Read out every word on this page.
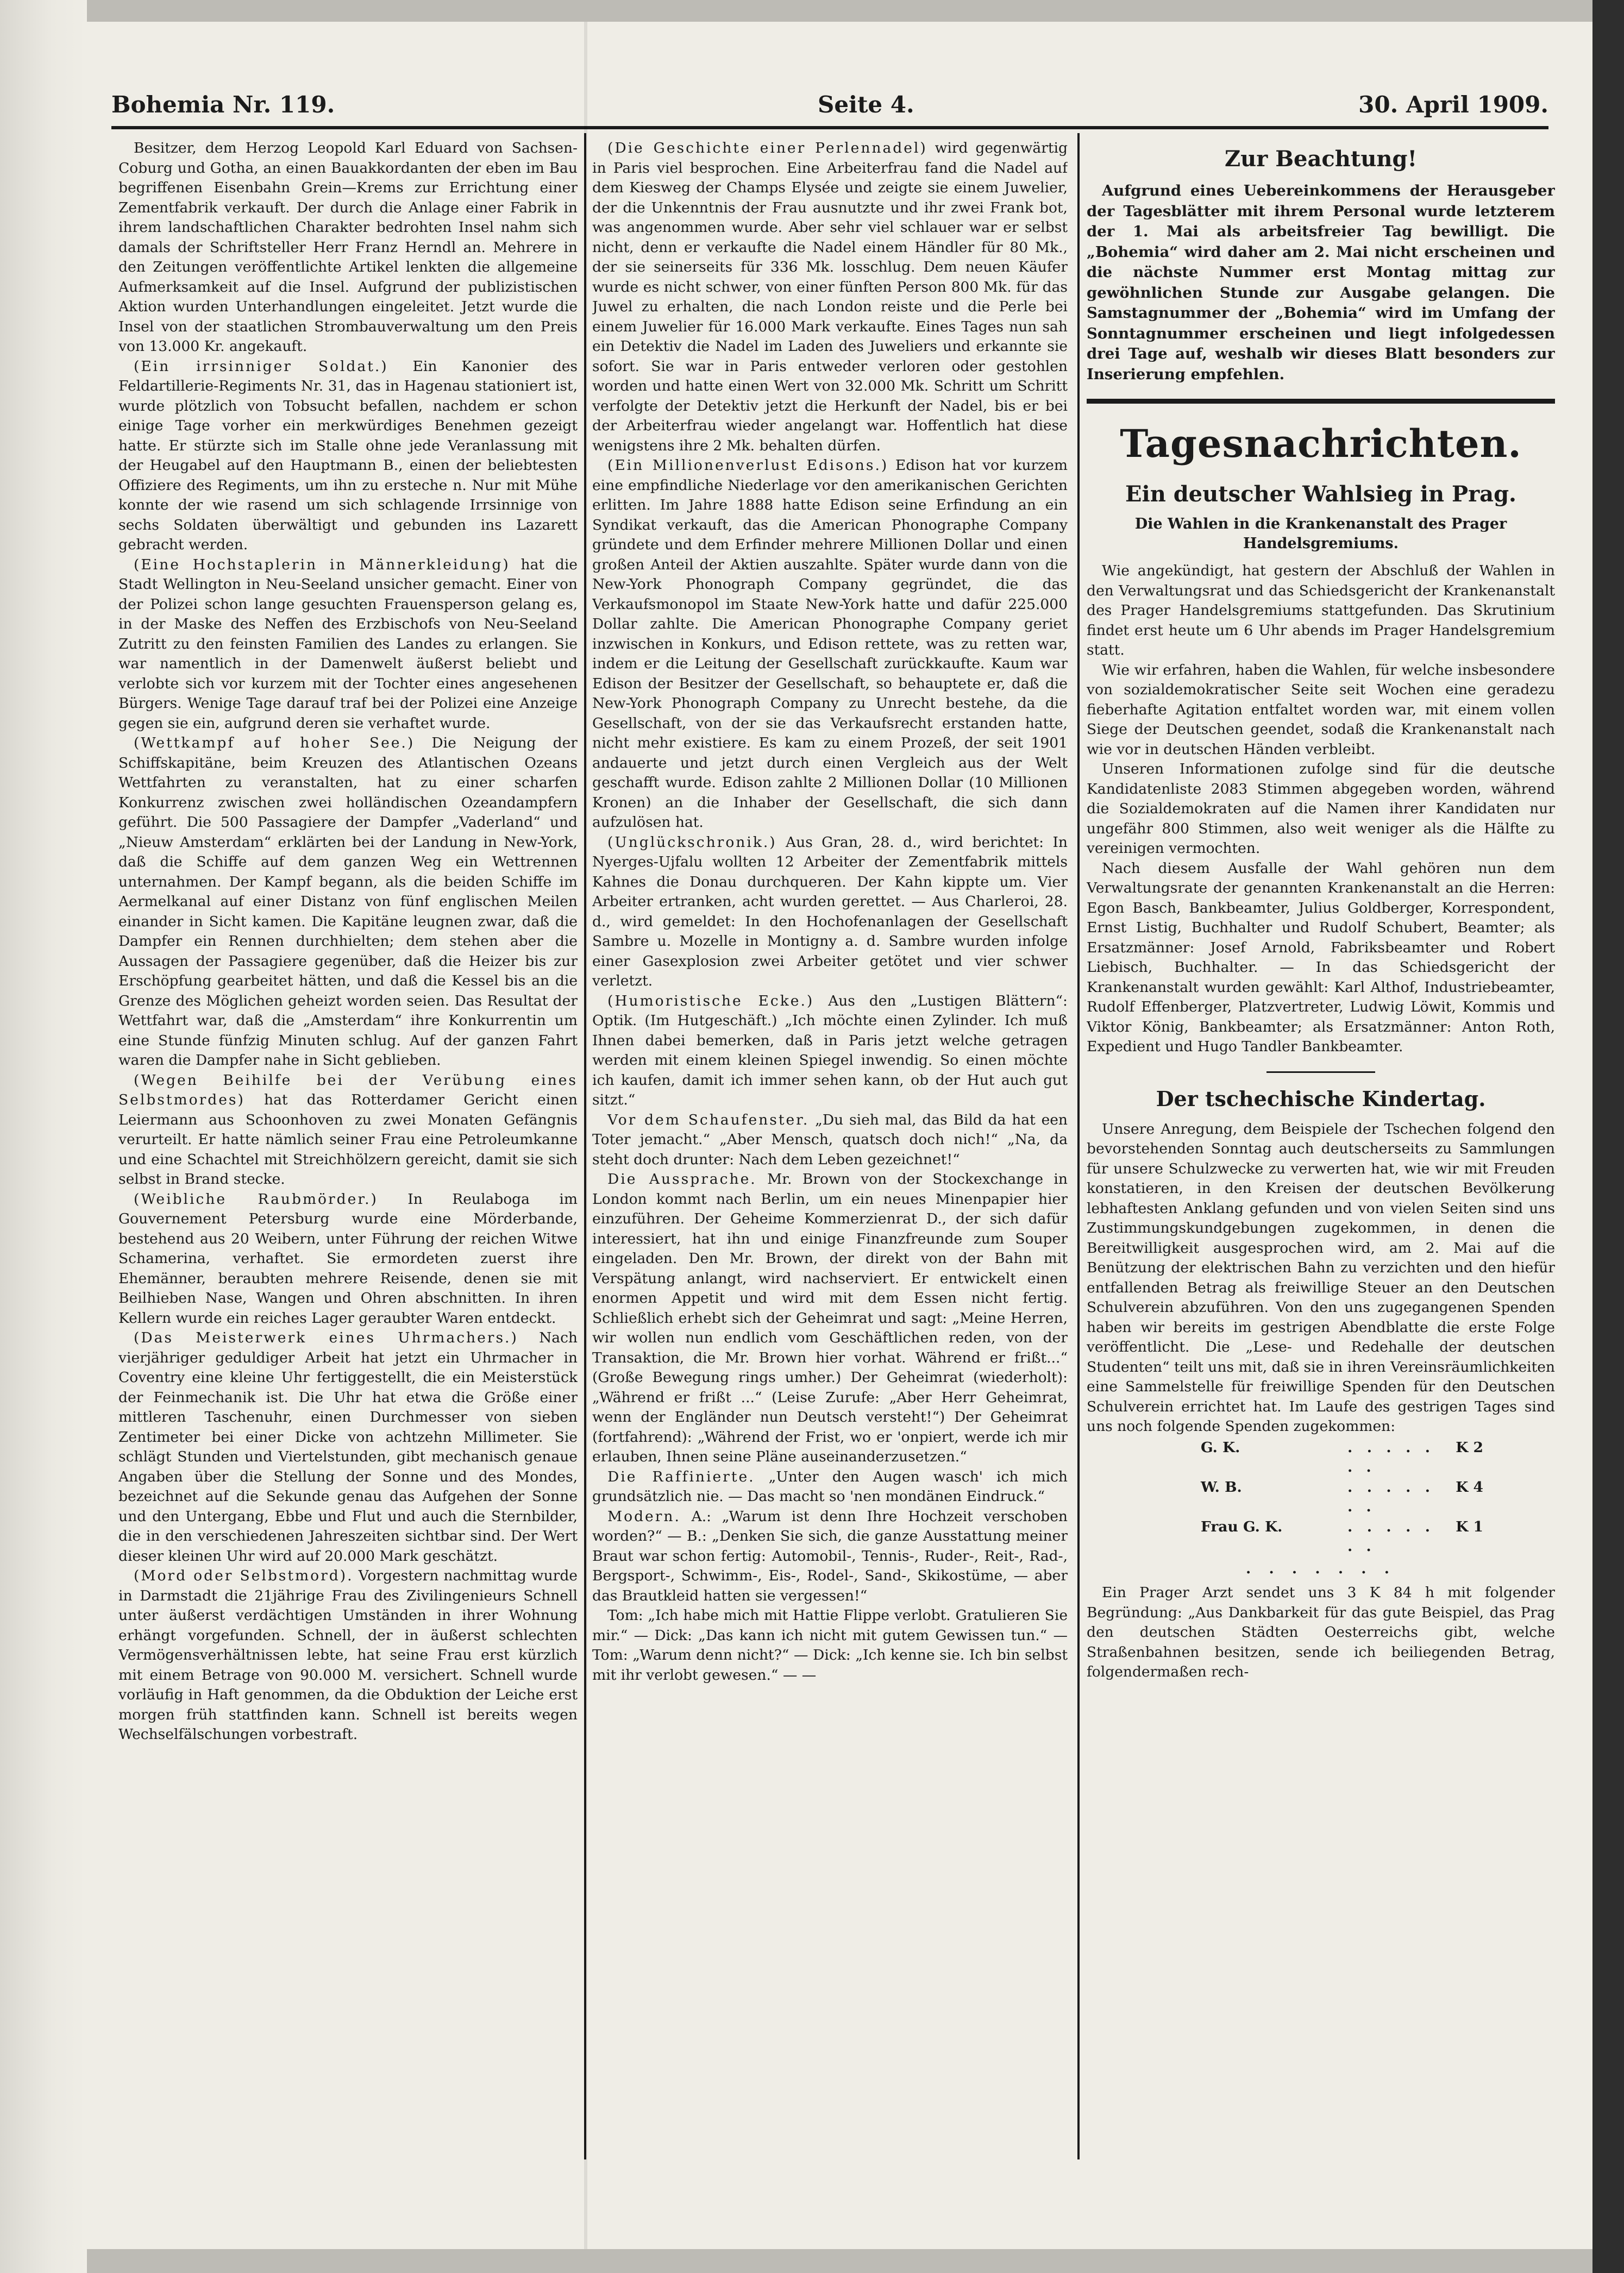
Bohemia Nr. 119.	Seite 4.	30. April 1909.

Besitzer, dem Herzog Leopold Karl Eduard von Sachsen-Coburg und Gotha, an einen Bauakkordanten der eben im Bau begriffenen Eisenbahn Grein—Krems zur Errichtung einer Zementfabrik verkauft. Der durch die Anlage einer Fabrik in ihrem landschaftlichen Charakter bedrohten Insel nahm sich damals der Schriftsteller Herr Franz Herndl an. Mehrere in den Zeitungen veröffentlichte Artikel lenkten die allgemeine Aufmerksamkeit auf die Insel. Aufgrund der publizistischen Aktion wurden Unterhandlungen eingeleitet. Jetzt wurde die Insel von der staatlichen Strombauverwaltung um den Preis von 13.000 Kr. angekauft.

(Ein irrsinniger Soldat.) Ein Kanonier des Feldartillerie-Regiments Nr. 31, das in Hagenau stationiert ist, wurde plötzlich von Tobsucht befallen, nachdem er schon einige Tage vorher ein merkwürdiges Benehmen gezeigt hatte. Er stürzte sich im Stalle ohne jede Veranlassung mit der Heugabel auf den Hauptmann B., einen der beliebtesten Offiziere des Regiments, um ihn zu ersteche n. Nur mit Mühe konnte der wie rasend um sich schlagende Irrsinnige von sechs Soldaten überwältigt und gebunden ins Lazarett gebracht werden.

(Eine Hochstaplerin in Männerkleidung) hat die Stadt Wellington in Neu-Seeland unsicher gemacht. Einer von der Polizei schon lange gesuchten Frauensperson gelang es, in der Maske des Neffen des Erzbischofs von Neu-Seeland Zutritt zu den feinsten Familien des Landes zu erlangen. Sie war namentlich in der Damenwelt äußerst beliebt und verlobte sich vor kurzem mit der Tochter eines angesehenen Bürgers. Wenige Tage darauf traf bei der Polizei eine Anzeige gegen sie ein, aufgrund deren sie verhaftet wurde.

(Wettkampf auf hoher See.) Die Neigung der Schiffskapitäne, beim Kreuzen des Atlantischen Ozeans Wettfahrten zu veranstalten, hat zu einer scharfen Konkurrenz zwischen zwei holländischen Ozeandampfern geführt. Die 500 Passagiere der Dampfer „Vaderland“ und „Nieuw Amsterdam“ erklärten bei der Landung in New-York, daß die Schiffe auf dem ganzen Weg ein Wettrennen unternahmen. Der Kampf begann, als die beiden Schiffe im Aermelkanal auf einer Distanz von fünf englischen Meilen einander in Sicht kamen. Die Kapitäne leugnen zwar, daß die Dampfer ein Rennen durchhielten; dem stehen aber die Aussagen der Passagiere gegenüber, daß die Heizer bis zur Erschöpfung gearbeitet hätten, und daß die Kessel bis an die Grenze des Möglichen geheizt worden seien. Das Resultat der Wettfahrt war, daß die „Amsterdam“ ihre Konkurrentin um eine Stunde fünfzig Minuten schlug. Auf der ganzen Fahrt waren die Dampfer nahe in Sicht geblieben.

(Wegen Beihilfe bei der Verübung eines Selbstmordes) hat das Rotterdamer Gericht einen Leiermann aus Schoonhoven zu zwei Monaten Gefängnis verurteilt. Er hatte nämlich seiner Frau eine Petroleumkanne und eine Schachtel mit Streichhölzern gereicht, damit sie sich selbst in Brand stecke.

(Weibliche Raubmörder.) In Reulaboga im Gouvernement Petersburg wurde eine Mörderbande, bestehend aus 20 Weibern, unter Führung der reichen Witwe Schamerina, verhaftet. Sie ermordeten zuerst ihre Ehemänner, beraubten mehrere Reisende, denen sie mit Beilhieben Nase, Wangen und Ohren abschnitten. In ihren Kellern wurde ein reiches Lager geraubter Waren entdeckt.

(Das Meisterwerk eines Uhrmachers.) Nach vierjähriger geduldiger Arbeit hat jetzt ein Uhrmacher in Coventry eine kleine Uhr fertiggestellt, die ein Meisterstück der Feinmechanik ist. Die Uhr hat etwa die Größe einer mittleren Taschenuhr, einen Durchmesser von sieben Zentimeter bei einer Dicke von achtzehn Millimeter. Sie schlägt Stunden und Viertelstunden, gibt mechanisch genaue Angaben über die Stellung der Sonne und des Mondes, bezeichnet auf die Sekunde genau das Aufgehen der Sonne und den Untergang, Ebbe und Flut und auch die Sternbilder, die in den verschiedenen Jahreszeiten sichtbar sind. Der Wert dieser kleinen Uhr wird auf 20.000 Mark geschätzt.

(Mord oder Selbstmord). Vorgestern nachmittag wurde in Darmstadt die 21jährige Frau des Zivilingenieurs Schnell unter äußerst verdächtigen Umständen in ihrer Wohnung erhängt vorgefunden. Schnell, der in äußerst schlechten Vermögensverhältnissen lebte, hat seine Frau erst kürzlich mit einem Betrage von 90.000 M. versichert. Schnell wurde vorläufig in Haft genommen, da die Obduktion der Leiche erst morgen früh stattfinden kann. Schnell ist bereits wegen Wechselfälschungen vorbestraft.

(Die Geschichte einer Perlennadel) wird gegenwärtig in Paris viel besprochen. Eine Arbeiterfrau fand die Nadel auf dem Kiesweg der Champs Elysée und zeigte sie einem Juwelier, der die Unkenntnis der Frau ausnutzte und ihr zwei Frank bot, was angenommen wurde. Aber sehr viel schlauer war er selbst nicht, denn er verkaufte die Nadel einem Händler für 80 Mk., der sie seinerseits für 336 Mk. losschlug. Dem neuen Käufer wurde es nicht schwer, von einer fünften Person 800 Mk. für das Juwel zu erhalten, die nach London reiste und die Perle bei einem Juwelier für 16.000 Mark verkaufte. Eines Tages nun sah ein Detektiv die Nadel im Laden des Juweliers und erkannte sie sofort. Sie war in Paris entweder verloren oder gestohlen worden und hatte einen Wert von 32.000 Mk. Schritt um Schritt verfolgte der Detektiv jetzt die Herkunft der Nadel, bis er bei der Arbeiterfrau wieder angelangt war. Hoffentlich hat diese wenigstens ihre 2 Mk. behalten dürfen.

(Ein Millionenverlust Edisons.) Edison hat vor kurzem eine empfindliche Niederlage vor den amerikanischen Gerichten erlitten. Im Jahre 1888 hatte Edison seine Erfindung an ein Syndikat verkauft, das die American Phonographe Company gründete und dem Erfinder mehrere Millionen Dollar und einen großen Anteil der Aktien auszahlte. Später wurde dann von die New-York Phonograph Company gegründet, die das Verkaufsmonopol im Staate New-York hatte und dafür 225.000 Dollar zahlte. Die American Phonographe Company geriet inzwischen in Konkurs, und Edison rettete, was zu retten war, indem er die Leitung der Gesellschaft zurückkaufte. Kaum war Edison der Besitzer der Gesellschaft, so behauptete er, daß die New-York Phonograph Company zu Unrecht bestehe, da die Gesellschaft, von der sie das Verkaufsrecht erstanden hatte, nicht mehr existiere. Es kam zu einem Prozeß, der seit 1901 andauerte und jetzt durch einen Vergleich aus der Welt geschafft wurde. Edison zahlte 2 Millionen Dollar (10 Millionen Kronen) an die Inhaber der Gesellschaft, die sich dann aufzulösen hat.

(Unglückschronik.) Aus Gran, 28. d., wird berichtet: In Nyerges-Ujfalu wollten 12 Arbeiter der Zementfabrik mittels Kahnes die Donau durchqueren. Der Kahn kippte um. Vier Arbeiter ertranken, acht wurden gerettet. — Aus Charleroi, 28. d., wird gemeldet: In den Hochofenanlagen der Gesellschaft Sambre u. Mozelle in Montigny a. d. Sambre wurden infolge einer Gasexplosion zwei Arbeiter getötet und vier schwer verletzt.

(Humoristische Ecke.) Aus den „Lustigen Blättern“: Optik. (Im Hutgeschäft.) „Ich möchte einen Zylinder. Ich muß Ihnen dabei bemerken, daß in Paris jetzt welche getragen werden mit einem kleinen Spiegel inwendig. So einen möchte ich kaufen, damit ich immer sehen kann, ob der Hut auch gut sitzt.“

Vor dem Schaufenster. „Du sieh mal, das Bild da hat een Toter jemacht.“ „Aber Mensch, quatsch doch nich!“ „Na, da steht doch drunter: Nach dem Leben gezeichnet!“

Die Aussprache. Mr. Brown von der Stockexchange in London kommt nach Berlin, um ein neues Minenpapier hier einzuführen. Der Geheime Kommerzienrat D., der sich dafür interessiert, hat ihn und einige Finanzfreunde zum Souper eingeladen. Den Mr. Brown, der direkt von der Bahn mit Verspätung anlangt, wird nachserviert. Er entwickelt einen enormen Appetit und wird mit dem Essen nicht fertig. Schließlich erhebt sich der Geheimrat und sagt: „Meine Herren, wir wollen nun endlich vom Geschäftlichen reden, von der Transaktion, die Mr. Brown hier vorhat. Während er frißt...“ (Große Bewegung rings umher.) Der Geheimrat (wiederholt): „Während er frißt ...“ (Leise Zurufe: „Aber Herr Geheimrat, wenn der Engländer nun Deutsch versteht!“) Der Geheimrat (fortfahrend): „Während der Frist, wo er 'onpiert, werde ich mir erlauben, Ihnen seine Pläne auseinanderzusetzen.“

Die Raffinierte. „Unter den Augen wasch' ich mich grundsätzlich nie. — Das macht so 'nen mondänen Eindruck.“

Modern. A.: „Warum ist denn Ihre Hochzeit verschoben worden?“ — B.: „Denken Sie sich, die ganze Ausstattung meiner Braut war schon fertig: Automobil-, Tennis-, Ruder-, Reit-, Rad-, Bergsport-, Schwimm-, Eis-, Rodel-, Sand-, Skikostüme, — aber das Brautkleid hatten sie vergessen!“

Tom: „Ich habe mich mit Hattie Flippe verlobt. Gratulieren Sie mir.“ — Dick: „Das kann ich nicht mit gutem Gewissen tun.“ — Tom: „Warum denn nicht?“ — Dick: „Ich kenne sie. Ich bin selbst mit ihr verlobt gewesen.“ — —

Zur Beachtung!

Aufgrund eines Uebereinkommens der Herausgeber der Tagesblätter mit ihrem Personal wurde letzterem der 1. Mai als arbeitsfreier Tag bewilligt. Die „Bohemia“ wird daher am 2. Mai nicht erscheinen und die nächste Nummer erst Montag mittag zur gewöhnlichen Stunde zur Ausgabe gelangen. Die Samstagnummer der „Bohemia“ wird im Umfang der Sonntagnummer erscheinen und liegt infolgedessen drei Tage auf, weshalb wir dieses Blatt besonders zur Inserierung empfehlen.

Tagesnachrichten.
Ein deutscher Wahlsieg in Prag.
Die Wahlen in die Krankenanstalt des Prager Handelsgremiums.

Wie angekündigt, hat gestern der Abschluß der Wahlen in den Verwaltungsrat und das Schiedsgericht der Krankenanstalt des Prager Handelsgremiums stattgefunden. Das Skrutinium findet erst heute um 6 Uhr abends im Prager Handelsgremium statt.

Wie wir erfahren, haben die Wahlen, für welche insbesondere von sozialdemokratischer Seite seit Wochen eine geradezu fieberhafte Agitation entfaltet worden war, mit einem vollen Siege der Deutschen geendet, sodaß die Krankenanstalt nach wie vor in deutschen Händen verbleibt.

Unseren Informationen zufolge sind für die deutsche Kandidatenliste 2083 Stimmen abgegeben worden, während die Sozialdemokraten auf die Namen ihrer Kandidaten nur ungefähr 800 Stimmen, also weit weniger als die Hälfte zu vereinigen vermochten.

Nach diesem Ausfalle der Wahl gehören nun dem Verwaltungsrate der genannten Krankenanstalt an die Herren: Egon Basch, Bankbeamter, Julius Goldberger, Korrespondent, Ernst Listig, Buchhalter und Rudolf Schubert, Beamter; als Ersatzmänner: Josef Arnold, Fabriksbeamter und Robert Liebisch, Buchhalter. — In das Schiedsgericht der Krankenanstalt wurden gewählt: Karl Althof, Industriebeamter, Rudolf Effenberger, Platzvertreter, Ludwig Löwit, Kommis und Viktor König, Bankbeamter; als Ersatzmänner: Anton Roth, Expedient und Hugo Tandler Bankbeamter.

Der tschechische Kindertag.

Unsere Anregung, dem Beispiele der Tschechen folgend den bevorstehenden Sonntag auch deutscherseits zu Sammlungen für unsere Schulzwecke zu verwerten hat, wie wir mit Freuden konstatieren, in den Kreisen der deutschen Bevölkerung lebhaftesten Anklang gefunden und von vielen Seiten sind uns Zustimmungskundgebungen zugekommen, in denen die Bereitwilligkeit ausgesprochen wird, am 2. Mai auf die Benützung der elektrischen Bahn zu verzichten und den hiefür entfallenden Betrag als freiwillige Steuer an den Deutschen Schulverein abzuführen. Von den uns zugegangenen Spenden haben wir bereits im gestrigen Abendblatte die erste Folge veröffentlicht. Die „Lese- und Redehalle der deutschen Studenten“ teilt uns mit, daß sie in ihren Vereinsräumlichkeiten eine Sammelstelle für freiwillige Spenden für den Deutschen Schulverein errichtet hat. Im Laufe des gestrigen Tages sind uns noch folgende Spenden zugekommen:

G. K.	. . . . . . .
K 2
W. B.	. . . . . . .
K 4
Frau G. K.	. . . . . . .
K 1
. . . . . . .

Ein Prager Arzt sendet uns 3 K 84 h mit folgender Begründung: „Aus Dankbarkeit für das gute Beispiel, das Prag den deutschen Städten Oesterreichs gibt, welche Straßenbahnen besitzen, sende ich beiliegenden Betrag, folgendermaßen rech-
